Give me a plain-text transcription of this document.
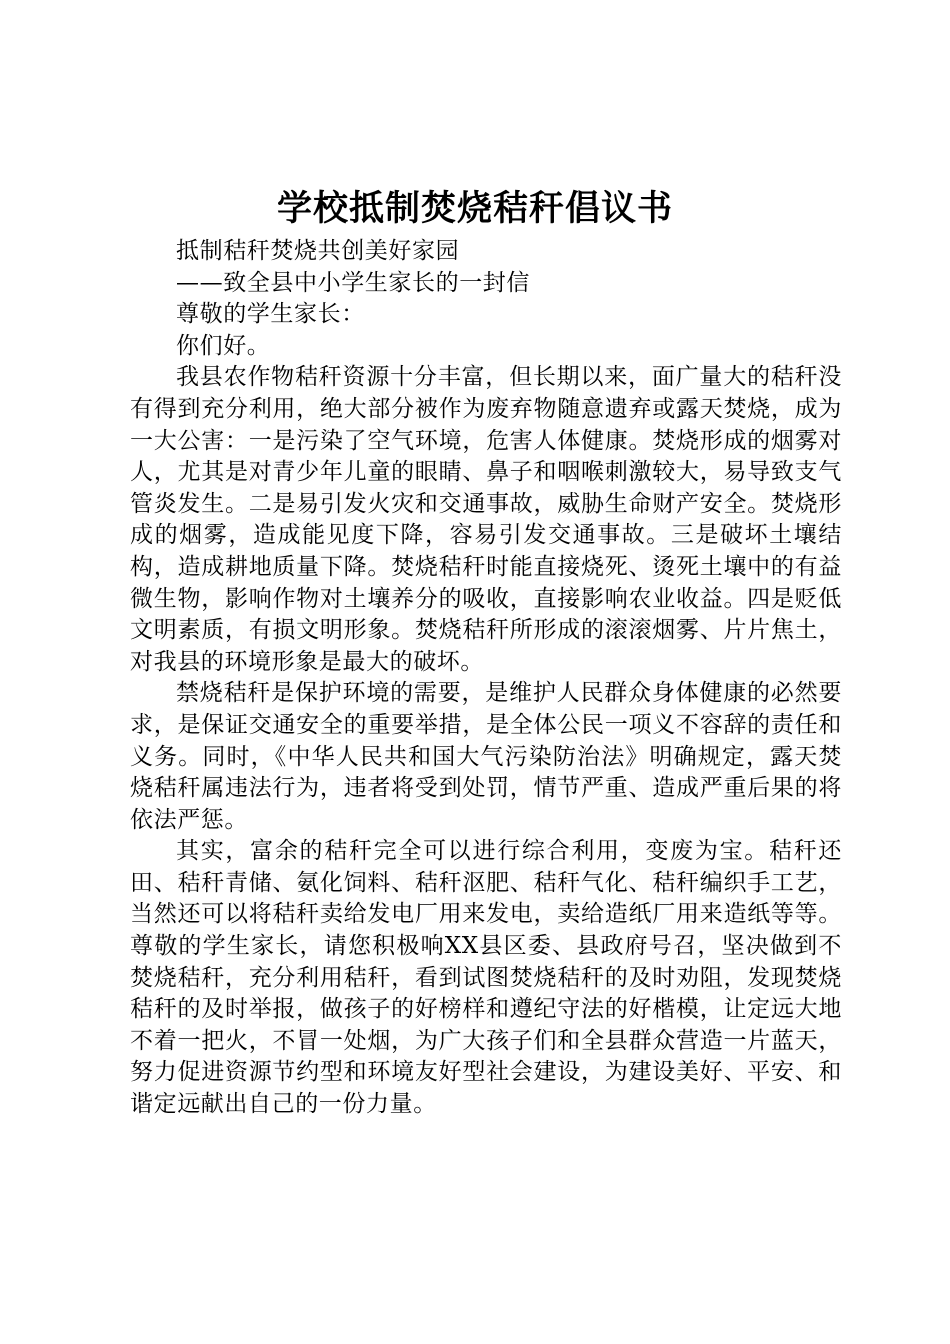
学校抵制焚烧秸秆倡议书

抵制秸秆焚烧共创美好家园

——致全县中小学生家长的一封信

尊敬的学生家长：

你们好。

我县农作物秸秆资源十分丰富，但长期以来，面广量大的秸秆没有得到充分利用，绝大部分被作为废弃物随意遗弃或露天焚烧，成为一大公害：一是污染了空气环境，危害人体健康。焚烧形成的烟雾对人，尤其是对青少年儿童的眼睛、鼻子和咽喉刺激较大，易导致支气管炎发生。二是易引发火灾和交通事故，威胁生命财产安全。焚烧形成的烟雾，造成能见度下降，容易引发交通事故。三是破坏土壤结构，造成耕地质量下降。焚烧秸秆时能直接烧死、烫死土壤中的有益微生物，影响作物对土壤养分的吸收，直接影响农业收益。四是贬低文明素质，有损文明形象。焚烧秸秆所形成的滚滚烟雾、片片焦土，对我县的环境形象是最大的破坏。

禁烧秸秆是保护环境的需要，是维护人民群众身体健康的必然要求，是保证交通安全的重要举措，是全体公民一项义不容辞的责任和义务。同时，《中华人民共和国大气污染防治法》明确规定，露天焚烧秸秆属违法行为，违者将受到处罚，情节严重、造成严重后果的将依法严惩。

其实，富余的秸秆完全可以进行综合利用，变废为宝。秸秆还田、秸秆青储、氨化饲料、秸秆沤肥、秸秆气化、秸秆编织手工艺，当然还可以将秸秆卖给发电厂用来发电，卖给造纸厂用来造纸等等。尊敬的学生家长，请您积极响XX县区委、县政府号召，坚决做到不焚烧秸秆，充分利用秸秆，看到试图焚烧秸秆的及时劝阻，发现焚烧秸秆的及时举报，做孩子的好榜样和遵纪守法的好楷模，让定远大地不着一把火，不冒一处烟，为广大孩子们和全县群众营造一片蓝天，努力促进资源节约型和环境友好型社会建设，为建设美好、平安、和谐定远献出自己的一份力量。
